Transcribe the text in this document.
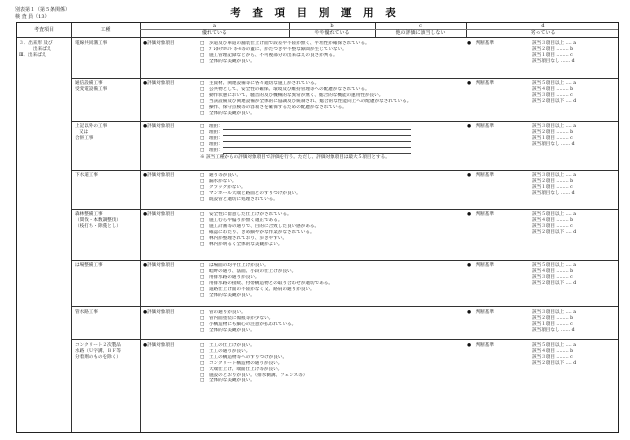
別表第１（第５条関係）
検 査 員（13）	考 査 項 目 別 運 用 表
考査項目	工種
a	b	c	d
優れている	やや優れている	他の評価に該当しない	劣っている
３．出来形 及び
出来ばえ
Ⅲ．出来ばえ
電線共同溝工事	●評価対象項目	□　歩道及び車道の舗装仕上げ面で段差や不陸が無く、平坦性が確保されている。
□　ﾌﾟﾚﾎｯｸｽﾊﾝﾄﾞﾎｰﾙ等の蓋に、がたつきや不整な隙間が生じていない。
□　施工管理記録などから、不可視部分の出来ばえの良さが判る。
□　全体的な美観が良い。
●　判断基準	該当３項目以上 ‥‥ a
該当２項目 ‥‥‥‥ b
該当１項目 ‥‥‥‥ c
該当項目なし ‥‥‥ d
通信設備工事
受変電設備工事
●評価対象項目	□　主資材、関連設備等に各々適切な施工がされている。
□　公共物として、安全性の確保、環境及び維持管理等への配慮がなされている。
□　動作状態において、騒音的及び機械的な異常が無く、総合的な機能の運用性が良い。
□　当該設備及び関連設備が全体的に協調及び統制され、総合的な性能向上への配慮がなされている。
□　操作、保守点検等の容易さを確保するための配慮がなされている。
□　全体的な美観が良い。
●　判断基準	該当５項目以上 ‥‥ a
該当４項目 ‥‥‥‥ b
該当３項目 ‥‥‥‥ c
該当２項目以下 ‥‥ d
上記以外の工事
又は
合併工事
●評価対象項目	□　理由：
□　理由：
□　理由：
□　理由：
□　理由：
※ 該当工種からの評価対象項目で評価を行う。ただし、評価対象項目は最大５項目とする。
●　判断基準	該当３項目以上 ‥‥ a
該当２項目 ‥‥‥‥ b
該当１項目 ‥‥‥‥ c
該当項目なし ‥‥‥ d
下水道工事	●評価対象項目	□　通り等が良い。
□　漏水がない。
□　クラックがない。
□　マンホール天端と路面とのすりつけが良い。
□　既設管と適切に処理されている。
●　判断基準	該当３項目以上 ‥‥ a
該当２項目 ‥‥‥‥ b
該当１項目 ‥‥‥‥ c
該当項目なし ‥‥‥ d
森林整備工事
（間伐・本数調整伐）
（枝打ち・除蔓とし）
●評価対象項目	□　安全性に留意した仕上げがされている。
□　施工むらや偏りが無く適正である。
□　施工計画等の通りで、目的に合致した良い感がある。
□　確認にわたり、きめ細やかな作業がなされている。
□　林内が整理されており、歩きやすい。
□　林内が明るく全体的な美観がよい。
●　判断基準	該当５項目以上 ‥‥ a
該当４項目 ‥‥‥‥ b
該当３項目 ‥‥‥‥ c
該当２項目以下 ‥‥ d
は場整備工事	●評価対象項目	□　は場面の均平仕上げが良い。
□　畦畔の通り、法面、小段の仕上げが良い。
□　用排水路の通りが良い。
□　用排水路の接続、付帯構造物との取り合わせが適切である。
□　道路仕上げ面の不陸がなく又、路肩の通りが良い。
□　全体的な美観が良い。
●　判断基準	該当５項目以上 ‥‥ a
該当４項目 ‥‥‥‥ b
該当３項目 ‥‥‥‥ c
該当２項目以下 ‥‥ d
管水路工事	●評価対象項目	□　管の通りが良い。
□　管内面塗装に傷痕等が少ない。
□　小構造物にも細心の注意が払われている。
□　全体的な美観が良い。
●　判断基準	該当３項目以上 ‥‥ a
該当２項目 ‥‥‥‥ b
該当１項目 ‥‥‥‥ c
該当項目なし ‥‥‥ d
コンクリート２次製品
水路（Ｕ字溝、ＢＦ等
分着剤のものを除く）
●評価対象項目	□　土工の仕上げが良い。
□　土工の通りが良い。
□　土工の構造物等へのすりつけが良い。
□　コンクリート構造物の通りが良い。
□　天端仕上げ、端面仕上げ等が良い。
□　施設のとおりが良い。（排水側溝、フェンス等）
□　全体的な美観が良い。
●　判断基準	該当５項目以上 ‥‥ a
該当４項目 ‥‥‥‥ b
該当３項目 ‥‥‥‥ c
該当２項目以下 ‥‥ d
